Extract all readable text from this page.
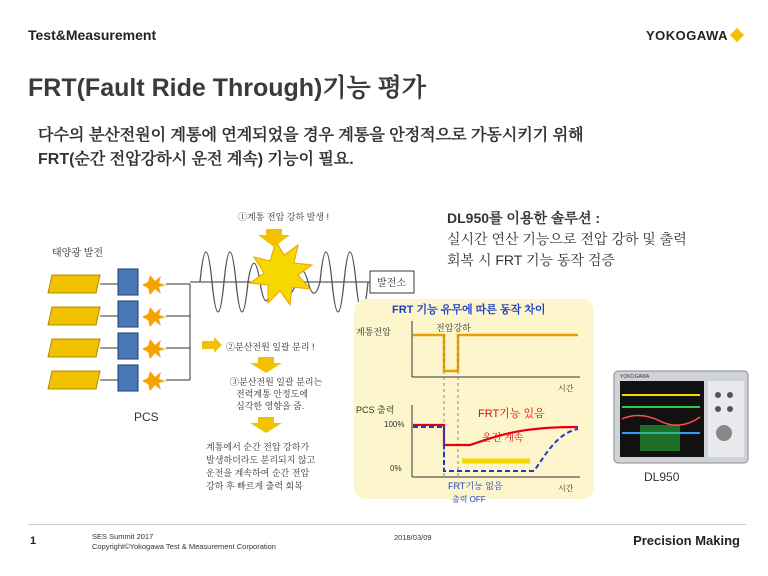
Test&Measurement	YOKOGAWA
FRT(Fault Ride Through)기능 평가
다수의 분산전원이 계통에 연계되었을 경우 계통을 안정적으로 가동시키기 위해
FRT(순간 전압강하시 운전 계속) 기능이 필요.
DL950를 이용한 솔루션 :
실시간 연산 기능으로 전압 강하 및 출력
회복 시 FRT 기능 동작 검증
태양광 발전
PCS
발전소
①계통 전압 강하 발생 !
②분산전원 일괄 분리 !
③분산전원 일괄 분리는
전력계통 안정도에
심각한 영향을 줌.
계통에서 순간 전압 강하가
발생하더라도 분리되지 않고
운전을 계속하여 순간 전압
강하 후 빠르게 출력 회복
FRT 기능 유무에 따른 동작 차이
계통전압	전압강하
시간
PCS 출력
100%
0%
FRT기능 있음
운전 계속
FRT기능 없음
출력 OFF
시간
YOKOGAWA
DL950
1	SES Summit 2017
Copyright©Yokogawa Test & Measurement Corporation
2018/03/09	Precision Making
